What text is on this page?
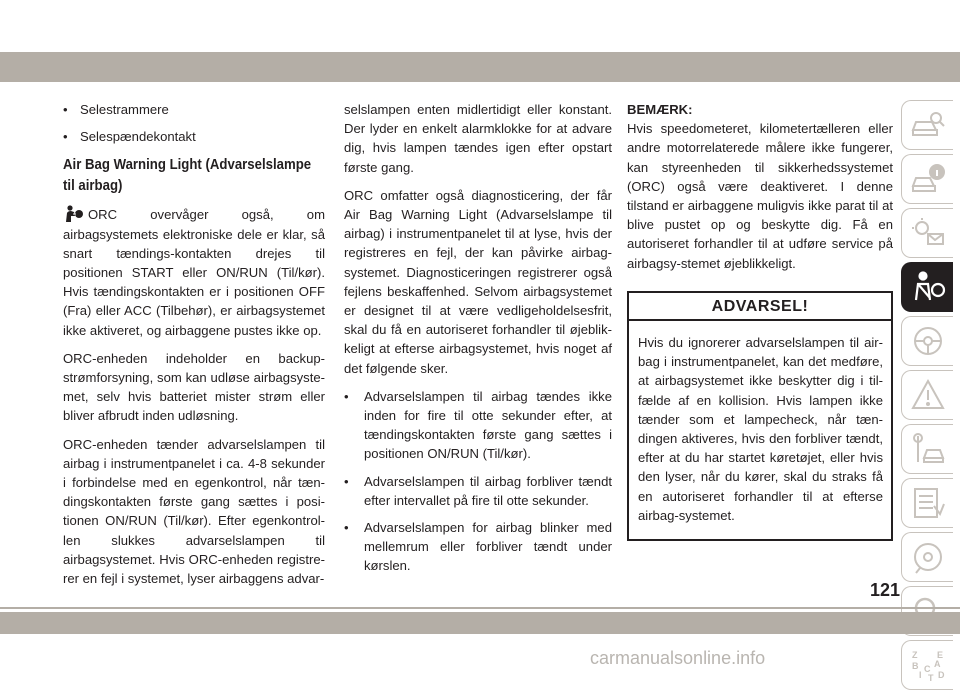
• Selestrammere
• Selespændekontakt
Air Bag Warning Light (Advarselslampe til airbag)

ORC overvåger også, om airbagsystemets elektroniske dele er klar, så snart tændings-kontakten drejes til positionen START eller ON/RUN (Til/kør). Hvis tændingskontakten er i positionen OFF (Fra) eller ACC (Tilbehør), er airbagsystemet ikke aktiveret, og airbaggene pustes ikke op.

ORC-enheden indeholder en backup-strømforsyning, som kan udløse airbagsyste-met, selv hvis batteriet mister strøm eller bliver afbrudt inden udløsning.

ORC-enheden tænder advarselslampen til airbag i instrumentpanelet i ca. 4-8 sekunder i forbindelse med en egenkontrol, når tæn-dingskontakten første gang sættes i posi-tionen ON/RUN (Til/kør). Efter egenkontrol-len slukkes advarselslampen til airbagsystemet. Hvis ORC-enheden registre-rer en fejl i systemet, lyser airbaggens advar-

selslampen enten midlertidigt eller konstant. Der lyder en enkelt alarmklokke for at advare dig, hvis lampen tændes igen efter opstart første gang.

ORC omfatter også diagnosticering, der får Air Bag Warning Light (Advarselslampe til airbag) i instrumentpanelet til at lyse, hvis der registreres en fejl, der kan påvirke airbag-systemet. Diagnosticeringen registrerer også fejlens beskaffenhed. Selvom airbagsystemet er designet til at være vedligeholdelsesfrit, skal du få en autoriseret forhandler til øjeblik-keligt at efterse airbagsystemet, hvis noget af det følgende sker.

• Advarselslampen til airbag tændes ikke inden for fire til otte sekunder efter, at tændingskontakten første gang sættes i positionen ON/RUN (Til/kør).
• Advarselslampen til airbag forbliver tændt efter intervallet på fire til otte sekunder.
• Advarselslampen for airbag blinker med mellemrum eller forbliver tændt under kørslen.
BEMÆRK:

Hvis speedometeret, kilometertælleren eller andre motorrelaterede målere ikke fungerer, kan styreenheden til sikkerhedssystemet (ORC) også være deaktiveret. I denne tilstand er airbaggene muligvis ikke parat til at blive pustet op og beskytte dig. Få en autoriseret forhandler til at udføre service på airbagsy-stemet øjeblikkeligt.

ADVARSEL!
Hvis du ignorerer advarselslampen til air-bag i instrumentpanelet, kan det medføre, at airbagsystemet ikke beskytter dig i til-fælde af en kollision. Hvis lampen ikke tænder som et lampecheck, når tæn-dingen aktiveres, hvis den forbliver tændt, efter at du har startet køretøjet, eller hvis den lyser, når du kører, skal du straks få en autoriseret forhandler til at efterse airbag-systemet.
Z E
B A
D
I
C
T
121
carmanualsonline.info
